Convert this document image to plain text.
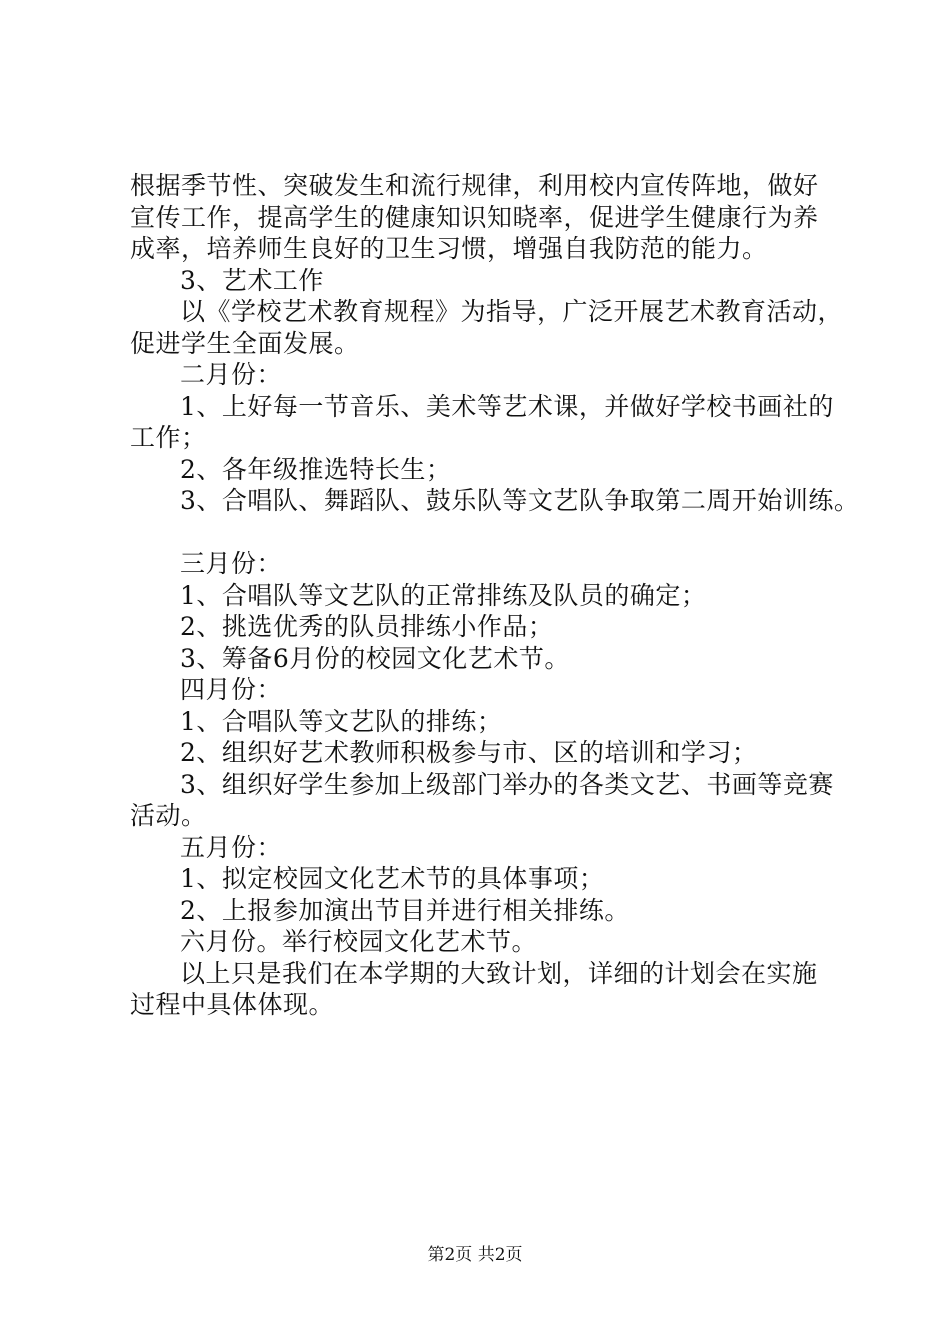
根据季节性、突破发生和流行规律，利用校内宣传阵地，做好
宣传工作，提高学生的健康知识知晓率，促进学生健康行为养
成率，培养师生良好的卫生习惯，增强自我防范的能力。
3、艺术工作
以《学校艺术教育规程》为指导，广泛开展艺术教育活动，
促进学生全面发展。
二月份：
1、上好每一节音乐、美术等艺术课，并做好学校书画社的
工作；
2、各年级推选特长生；
3、合唱队、舞蹈队、鼓乐队等文艺队争取第二周开始训练。
三月份：
1、合唱队等文艺队的正常排练及队员的确定；
2、挑选优秀的队员排练小作品；
3、筹备6月份的校园文化艺术节。
四月份：
1、合唱队等文艺队的排练；
2、组织好艺术教师积极参与市、区的培训和学习；
3、组织好学生参加上级部门举办的各类文艺、书画等竞赛
活动。
五月份：
1、拟定校园文化艺术节的具体事项；
2、上报参加演出节目并进行相关排练。
六月份。举行校园文化艺术节。
以上只是我们在本学期的大致计划，详细的计划会在实施
过程中具体体现。
第2页 共2页
